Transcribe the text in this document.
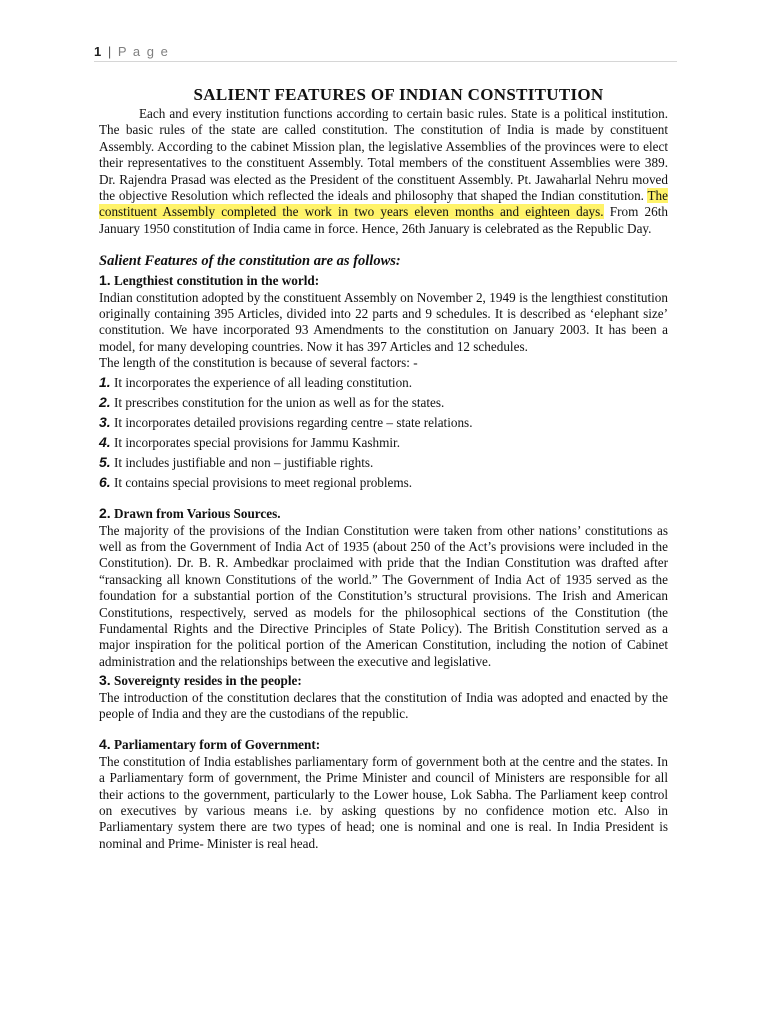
1 | P a g e
SALIENT FEATURES OF INDIAN CONSTITUTION

Each and every institution functions according to certain basic rules. State is a political institution. The basic rules of the state are called constitution. The constitution of India is made by constituent Assembly. According to the cabinet Mission plan, the legislative Assemblies of the provinces were to elect their representatives to the constituent Assembly. Total members of the constituent Assemblies were 389. Dr. Rajendra Prasad was elected as the President of the constituent Assembly. Pt. Jawaharlal Nehru moved the objective Resolution which reflected the ideals and philosophy that shaped the Indian constitution. The constituent Assembly completed the work in two years eleven months and eighteen days. From 26th January 1950 constitution of India came in force. Hence, 26th January is celebrated as the Republic Day.

Salient Features of the constitution are as follows:
1. Lengthiest constitution in the world:

Indian constitution adopted by the constituent Assembly on November 2, 1949 is the lengthiest constitution originally containing 395 Articles, divided into 22 parts and 9 schedules. It is described as ‘elephant size’ constitution. We have incorporated 93 Amendments to the constitution on January 2003. It has been a model, for many developing countries. Now it has 397 Articles and 12 schedules.

The length of the constitution is because of several factors: -

1. It incorporates the experience of all leading constitution.
2. It prescribes constitution for the union as well as for the states.
3. It incorporates detailed provisions regarding centre – state relations.
4. It incorporates special provisions for Jammu Kashmir.
5. It includes justifiable and non – justifiable rights.
6. It contains special provisions to meet regional problems.
2. Drawn from Various Sources.

The majority of the provisions of the Indian Constitution were taken from other nations’ constitutions as well as from the Government of India Act of 1935 (about 250 of the Act’s provisions were included in the Constitution). Dr. B. R. Ambedkar proclaimed with pride that the Indian Constitution was drafted after “ransacking all known Constitutions of the world.” The Government of India Act of 1935 served as the foundation for a substantial portion of the Constitution’s structural provisions. The Irish and American Constitutions, respectively, served as models for the philosophical sections of the Constitution (the Fundamental Rights and the Directive Principles of State Policy). The British Constitution served as a major inspiration for the political portion of the American Constitution, including the notion of Cabinet administration and the relationships between the executive and legislative.

3. Sovereignty resides in the people:

The introduction of the constitution declares that the constitution of India was adopted and enacted by the people of India and they are the custodians of the republic.

4. Parliamentary form of Government:

The constitution of India establishes parliamentary form of government both at the centre and the states. In a Parliamentary form of government, the Prime Minister and council of Ministers are responsible for all their actions to the government, particularly to the Lower house, Lok Sabha. The Parliament keep control on executives by various means i.e. by asking questions by no confidence motion etc. Also in Parliamentary system there are two types of head; one is nominal and one is real. In India President is nominal and Prime- Minister is real head.
